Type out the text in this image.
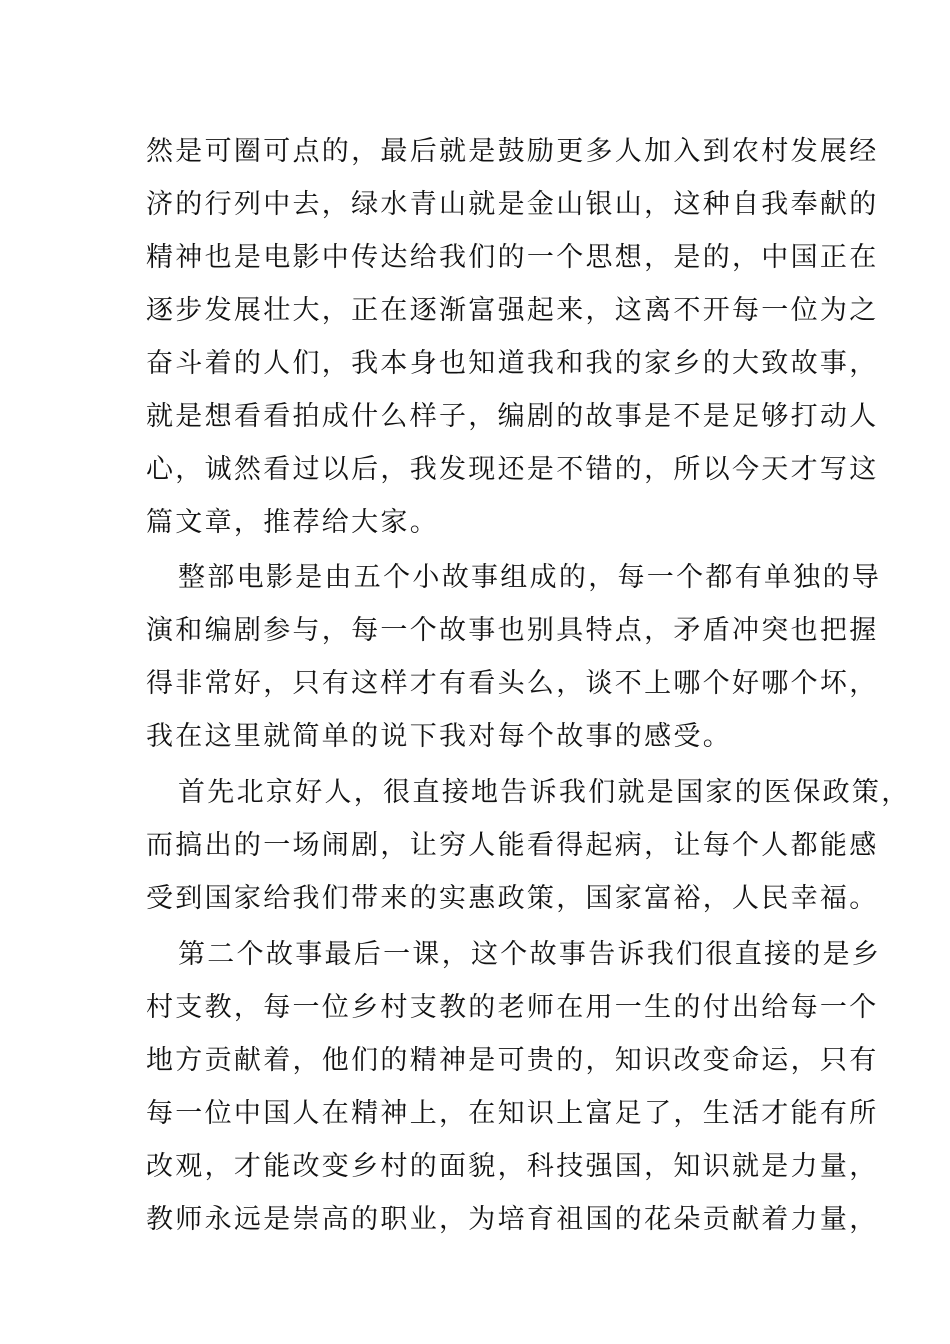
然是可圈可点的，最后就是鼓励更多人加入到农村发展经
济的行列中去，绿水青山就是金山银山，这种自我奉献的
精神也是电影中传达给我们的一个思想，是的，中国正在
逐步发展壮大，正在逐渐富强起来，这离不开每一位为之
奋斗着的人们，我本身也知道我和我的家乡的大致故事，
就是想看看拍成什么样子，编剧的故事是不是足够打动人
心，诚然看过以后，我发现还是不错的，所以今天才写这
篇文章，推荐给大家。
整部电影是由五个小故事组成的，每一个都有单独的导
演和编剧参与，每一个故事也别具特点，矛盾冲突也把握
得非常好，只有这样才有看头么，谈不上哪个好哪个坏，
我在这里就简单的说下我对每个故事的感受。
首先北京好人，很直接地告诉我们就是国家的医保政策，
而搞出的一场闹剧，让穷人能看得起病，让每个人都能感
受到国家给我们带来的实惠政策，国家富裕，人民幸福。
第二个故事最后一课，这个故事告诉我们很直接的是乡
村支教，每一位乡村支教的老师在用一生的付出给每一个
地方贡献着，他们的精神是可贵的，知识改变命运，只有
每一位中国人在精神上，在知识上富足了，生活才能有所
改观，才能改变乡村的面貌，科技强国，知识就是力量，
教师永远是崇高的职业，为培育祖国的花朵贡献着力量，
